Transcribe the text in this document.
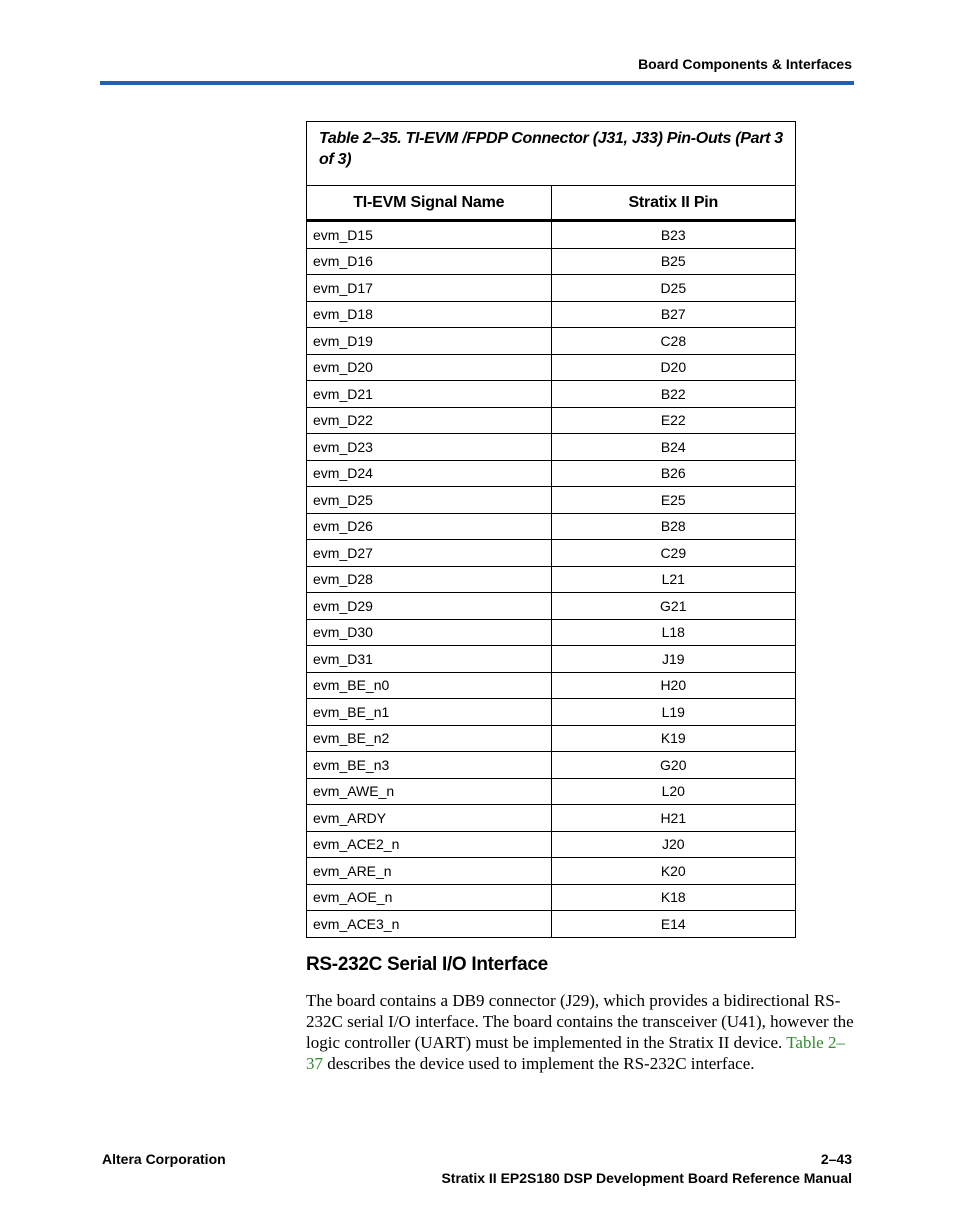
Board Components & Interfaces
Table 2–35. TI-EVM /FPDP Connector (J31, J33) Pin-Outs (Part 3 of 3)	
TI-EVM Signal Name	Stratix II Pin
evm_D15	B23
evm_D16	B25
evm_D17	D25
evm_D18	B27
evm_D19	C28
evm_D20	D20
evm_D21	B22
evm_D22	E22
evm_D23	B24
evm_D24	B26
evm_D25	E25
evm_D26	B28
evm_D27	C29
evm_D28	L21
evm_D29	G21
evm_D30	L18
evm_D31	J19
evm_BE_n0	H20
evm_BE_n1	L19
evm_BE_n2	K19
evm_BE_n3	G20
evm_AWE_n	L20
evm_ARDY	H21
evm_ACE2_n	J20
evm_ARE_n	K20
evm_AOE_n	K18
evm_ACE3_n	E14
RS-232C Serial I/O Interface
The board contains a DB9 connector (J29), which provides a bidirectional RS-232C serial I/O interface. The board contains the transceiver (U41), however the logic controller (UART) must be implemented in the Stratix II device. Table 2–37 describes the device used to implement the RS-232C interface.
Altera Corporation	2–43
Stratix II EP2S180 DSP Development Board Reference Manual
